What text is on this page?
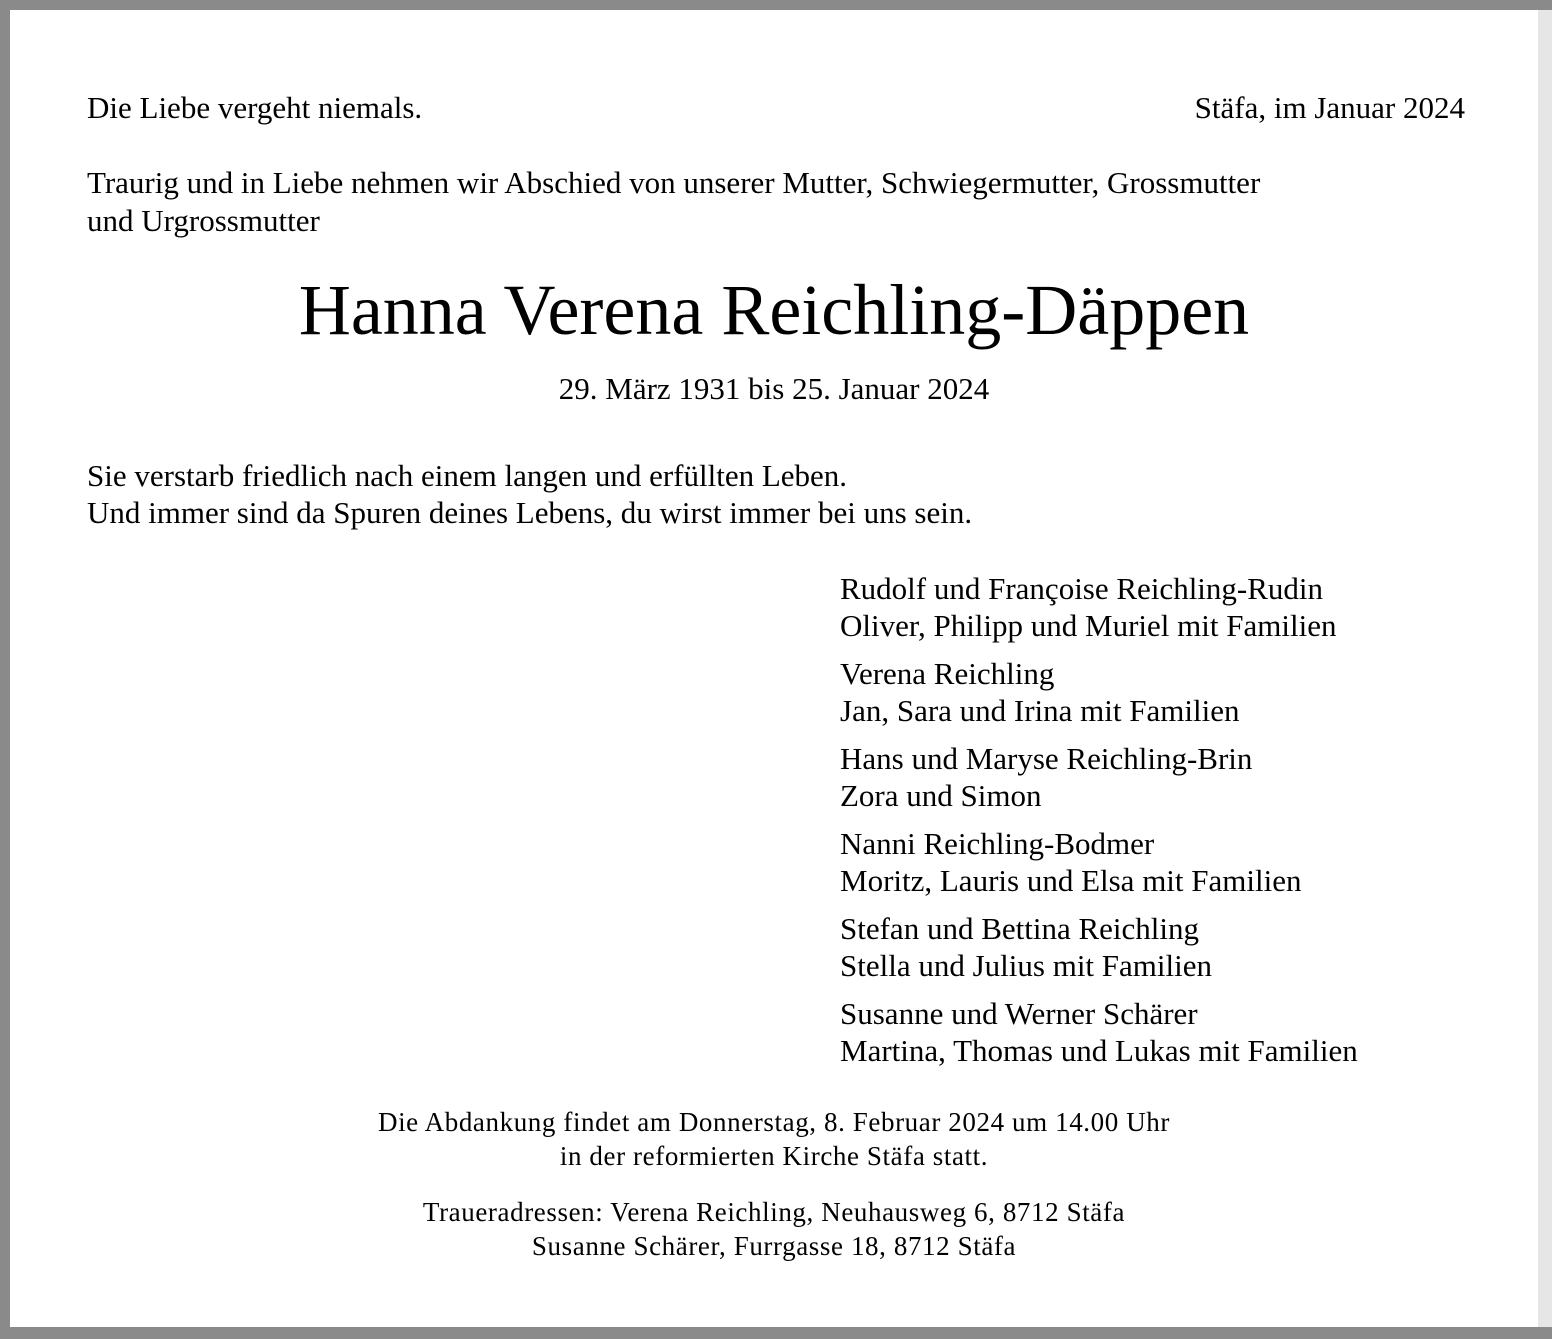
Die Liebe vergeht niemals.	Stäfa, im Januar 2024
Traurig und in Liebe nehmen wir Abschied von unserer Mutter, Schwiegermutter, Grossmutter
und Urgrossmutter
Hanna Verena Reichling-Däppen
29. März 1931 bis 25. Januar 2024
Sie verstarb friedlich nach einem langen und erfüllten Leben.
Und immer sind da Spuren deines Lebens, du wirst immer bei uns sein.
Rudolf und Françoise Reichling-Rudin
Oliver, Philipp und Muriel mit Familien
Verena Reichling
Jan, Sara und Irina mit Familien
Hans und Maryse Reichling-Brin
Zora und Simon
Nanni Reichling-Bodmer
Moritz, Lauris und Elsa mit Familien
Stefan und Bettina Reichling
Stella und Julius mit Familien
Susanne und Werner Schärer
Martina, Thomas und Lukas mit Familien
Die Abdankung findet am Donnerstag, 8. Februar 2024 um 14.00 Uhr
in der reformierten Kirche Stäfa statt.
Traueradressen: Verena Reichling, Neuhausweg 6, 8712 Stäfa
Susanne Schärer, Furrgasse 18, 8712 Stäfa
